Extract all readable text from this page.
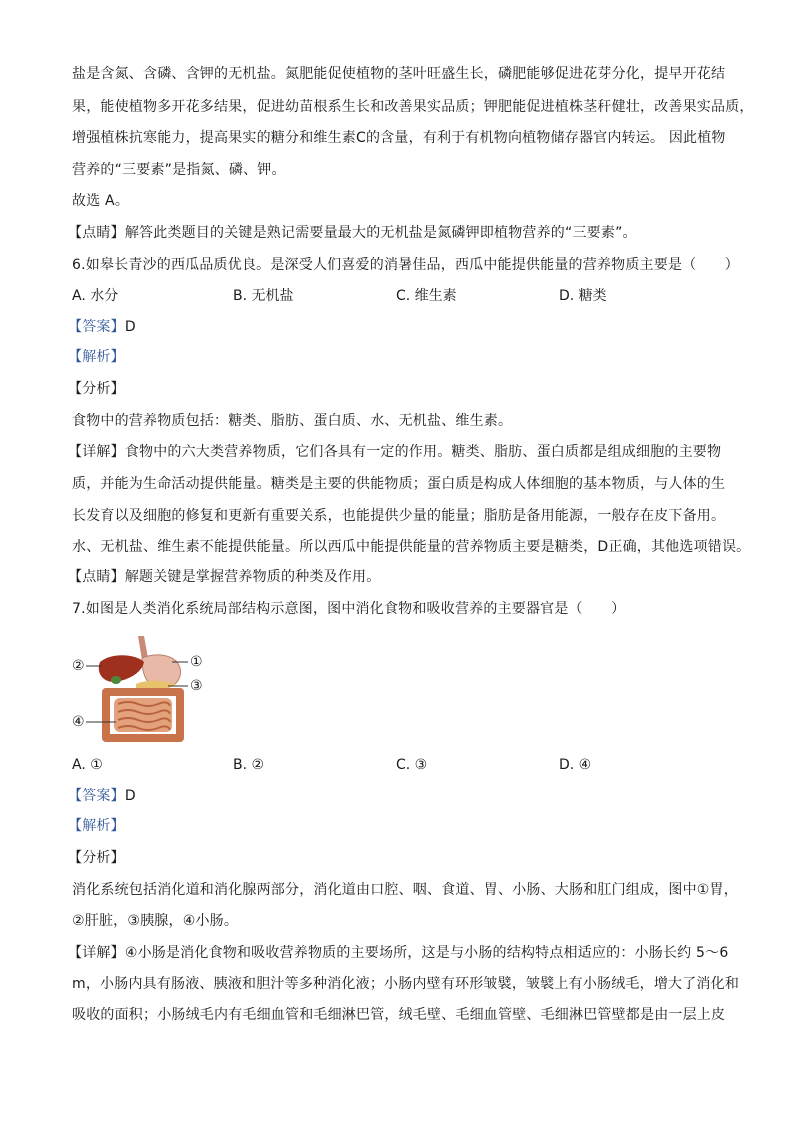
盐是含氮、含磷、含钾的无机盐。氮肥能促使植物的茎叶旺盛生长，磷肥能够促进花芽分化，提早开花结
果，能使植物多开花多结果，促进幼苗根系生长和改善果实品质；钾肥能促进植株茎秆健壮，改善果实品质，
增强植株抗寒能力，提高果实的糖分和维生素C的含量，有利于有机物向植物储存器官内转运。 因此植物
营养的“三要素”是指氮、磷、钾。
故选 A。
【点睛】解答此类题目的关键是熟记需要量最大的无机盐是氮磷钾即植物营养的“三要素”。
6.如皋长青沙的西瓜品质优良。是深受人们喜爱的消暑佳品，西瓜中能提供能量的营养物质主要是（　　）
A. 水分	B. 无机盐	C. 维生素	D. 糖类
【答案】D
【解析】
【分析】
食物中的营养物质包括：糖类、脂肪、蛋白质、水、无机盐、维生素。
【详解】食物中的六大类营养物质，它们各具有一定的作用。糖类、脂肪、蛋白质都是组成细胞的主要物
质，并能为生命活动提供能量。糖类是主要的供能物质；蛋白质是构成人体细胞的基本物质，与人体的生
长发育以及细胞的修复和更新有重要关系，也能提供少量的能量；脂肪是备用能源，一般存在皮下备用。
水、无机盐、维生素不能提供能量。所以西瓜中能提供能量的营养物质主要是糖类，D正确，其他选项错误。
【点睛】解题关键是掌握营养物质的种类及作用。
7.如图是人类消化系统局部结构示意图，图中消化食物和吸收营养的主要器官是（　　）
A. ①	B. ②	C. ③	D. ④
【答案】D
【解析】
【分析】
消化系统包括消化道和消化腺两部分，消化道由口腔、咽、食道、胃、小肠、大肠和肛门组成，图中①胃，
②肝脏，③胰腺，④小肠。
【详解】④小肠是消化食物和吸收营养物质的主要场所，这是与小肠的结构特点相适应的：小肠长约 5～6
m，小肠内具有肠液、胰液和胆汁等多种消化液；小肠内壁有环形皱襞，皱襞上有小肠绒毛，增大了消化和
吸收的面积；小肠绒毛内有毛细血管和毛细淋巴管，绒毛壁、毛细血管壁、毛细淋巴管壁都是由一层上皮
①
②
③
④
